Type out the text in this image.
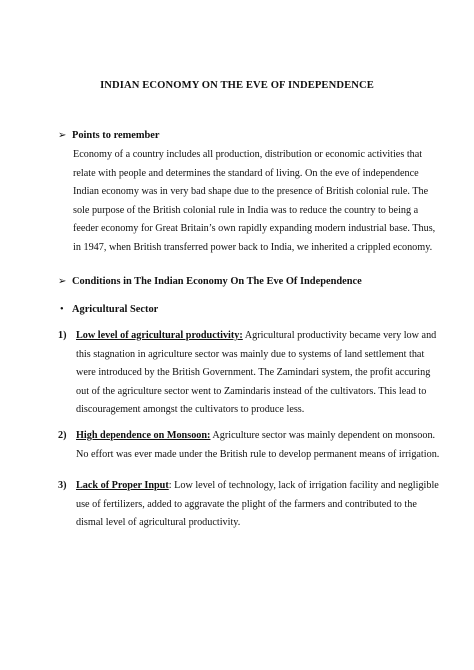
INDIAN ECONOMY ON THE EVE OF INDEPENDENCE
➢ Points to remember
Economy of a country includes all production, distribution or economic activities that
relate with people and determines the standard of living. On the eve of independence
Indian economy was in very bad shape due to the presence of British colonial rule. The
sole purpose of the British colonial rule in India was to reduce the country to being a
feeder economy for Great Britain’s own rapidly expanding modern industrial base. Thus,
in 1947, when British transferred power back to India, we inherited a crippled economy.
➢ Conditions in The Indian Economy On The Eve Of Independence
• Agricultural Sector
1) Low level of agricultural productivity: Agricultural productivity became very low and
this stagnation in agriculture sector was mainly due to systems of land settlement that
were introduced by the British Government. The Zamindari system, the profit accuring
out of the agriculture sector went to Zamindaris instead of the cultivators. This lead to
discouragement amongst the cultivators to produce less.
2) High dependence on Monsoon: Agriculture sector was mainly dependent on monsoon.
No effort was ever made under the British rule to develop permanent means of irrigation.
3) Lack of Proper Input: Low level of technology, lack of irrigation facility and negligible
use of fertilizers, added to aggravate the plight of the farmers and contributed to the
dismal level of agricultural productivity.
